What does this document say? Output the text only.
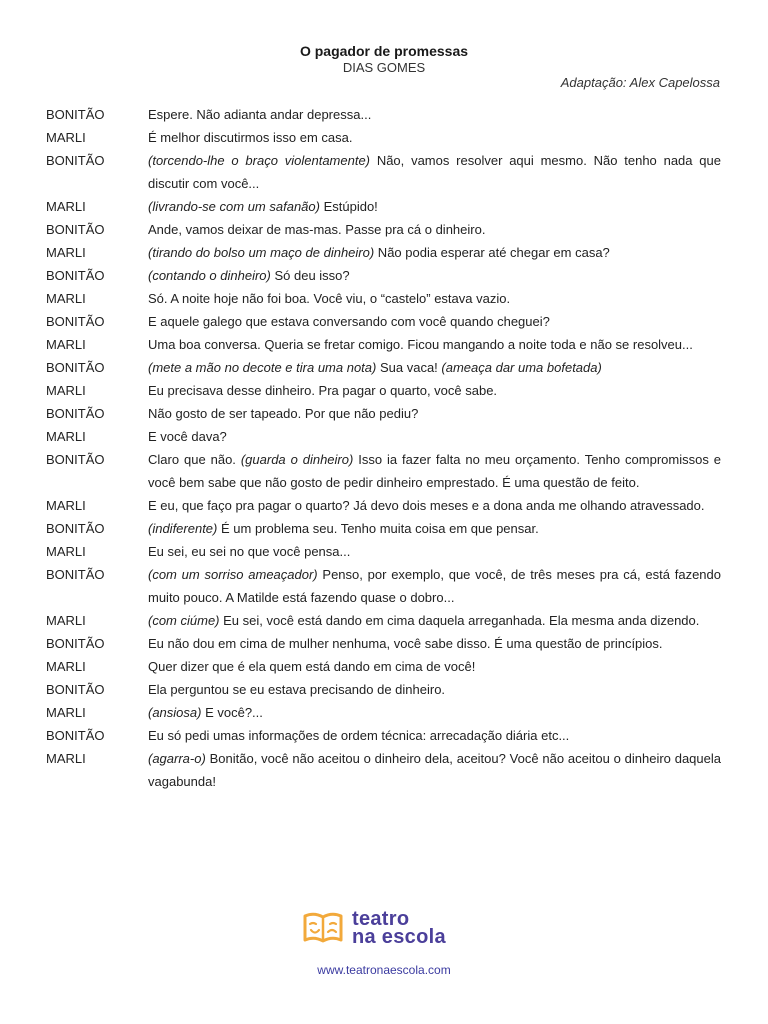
O pagador de promessas
DIAS GOMES
Adaptação: Alex Capelossa
BONITÃO	Espere. Não adianta andar depressa...
MARLI	É melhor discutirmos isso em casa.
BONITÃO	(torcendo-lhe o braço violentamente) Não, vamos resolver aqui mesmo. Não tenho nada que discutir com você...
MARLI	(livrando-se com um safanão) Estúpido!
BONITÃO	Ande, vamos deixar de mas-mas. Passe pra cá o dinheiro.
MARLI	(tirando do bolso um maço de dinheiro) Não podia esperar até chegar em casa?
BONITÃO	(contando o dinheiro) Só deu isso?
MARLI	Só. A noite hoje não foi boa. Você viu, o “castelo” estava vazio.
BONITÃO	E aquele galego que estava conversando com você quando cheguei?
MARLI	Uma boa conversa. Queria se fretar comigo. Ficou mangando a noite toda e não se resolveu...
BONITÃO	(mete a mão no decote e tira uma nota) Sua vaca! (ameaça dar uma bofetada)
MARLI	Eu precisava desse dinheiro. Pra pagar o quarto, você sabe.
BONITÃO	Não gosto de ser tapeado. Por que não pediu?
MARLI	E você dava?
BONITÃO	Claro que não. (guarda o dinheiro) Isso ia fazer falta no meu orçamento. Tenho compromissos e você bem sabe que não gosto de pedir dinheiro emprestado. É uma questão de feito.
MARLI	E eu, que faço pra pagar o quarto? Já devo dois meses e a dona anda me olhando atravessado.
BONITÃO	(indiferente) É um problema seu. Tenho muita coisa em que pensar.
MARLI	Eu sei, eu sei no que você pensa...
BONITÃO	(com um sorriso ameaçador) Penso, por exemplo, que você, de três meses pra cá, está fazendo muito pouco. A Matilde está fazendo quase o dobro...
MARLI	(com ciúme) Eu sei, você está dando em cima daquela arreganhada. Ela mesma anda dizendo.
BONITÃO	Eu não dou em cima de mulher nenhuma, você sabe disso. É uma questão de princípios.
MARLI	Quer dizer que é ela quem está dando em cima de você!
BONITÃO	Ela perguntou se eu estava precisando de dinheiro.
MARLI	(ansiosa) E você?...
BONITÃO	Eu só pedi umas informações de ordem técnica: arrecadação diária etc...
MARLI	(agarra-o) Bonitão, você não aceitou o dinheiro dela, aceitou? Você não aceitou o dinheiro daquela vagabunda!
teatro
na escola
www.teatronaescola.com
